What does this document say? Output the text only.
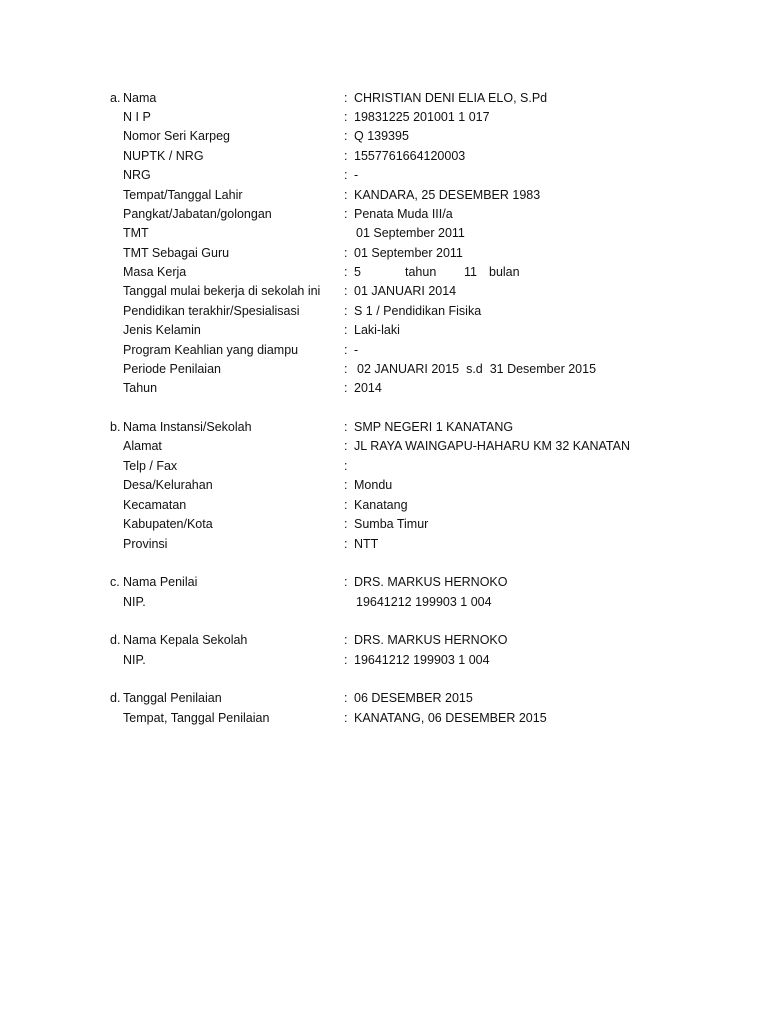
a. Nama	: CHRISTIAN DENI ELIA ELO, S.Pd
N I P	: 19831225 201001 1 017
Nomor Seri Karpeg	: Q 139395
NUPTK / NRG	: 1557761664120003
NRG	: -
Tempat/Tanggal Lahir	: KANDARA, 25 DESEMBER 1983
Pangkat/Jabatan/golongan	: Penata Muda III/a
TMT	01 September 2011
TMT Sebagai Guru	: 01 September 2011
Masa Kerja	: 5	tahun 11 bulan
Tanggal mulai bekerja di sekolah ini : 01 JANUARI 2014
Pendidikan terakhir/Spesialisasi	: S 1 / Pendidikan Fisika
Jenis Kelamin	: Laki-laki
Program Keahlian yang diampu	: -
Periode Penilaian	: 02 JANUARI 2015  s.d  31 Desember 2015
Tahun	: 2014
b. Nama Instansi/Sekolah	: SMP NEGERI 1 KANATANG
Alamat	: JL RAYA WAINGAPU-HAHARU KM 32 KANATAN
Telp / Fax	:
Desa/Kelurahan	: Mondu
Kecamatan	: Kanatang
Kabupaten/Kota	: Sumba Timur
Provinsi	: NTT
c. Nama Penilai	: DRS. MARKUS HERNOKO
NIP.	19641212 199903 1 004
d. Nama Kepala Sekolah	: DRS. MARKUS HERNOKO
NIP.	: 19641212 199903 1 004
d. Tanggal Penilaian	: 06 DESEMBER 2015
Tempat, Tanggal Penilaian	: KANATANG, 06 DESEMBER 2015
